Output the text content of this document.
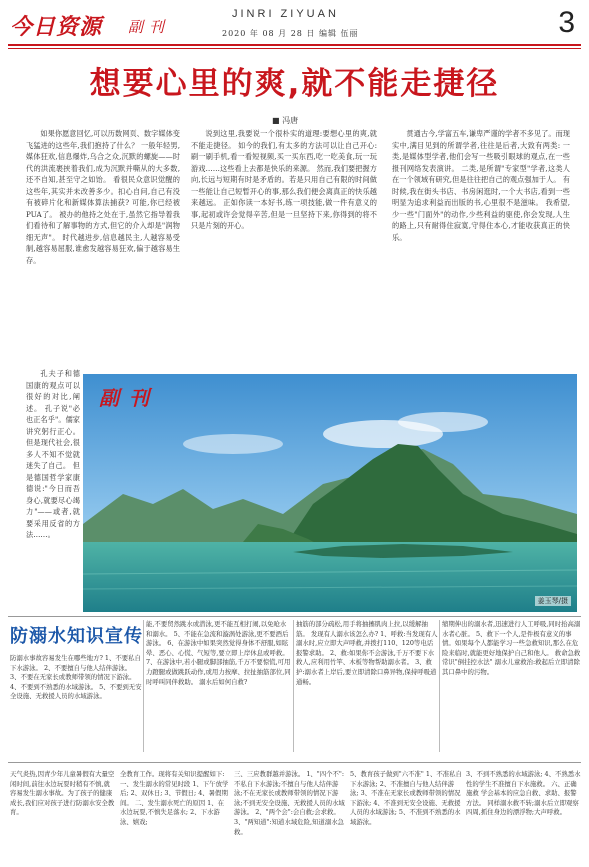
今日资源 副刊
JINRI ZIYUAN
2020 年 08 月 28 日 编辑 伍丽	3
想要心里的爽,就不能走捷径
■ 冯唐
如果你愿意回忆,可以历数网页、数字媒体变飞猛进的这些年,我们抱持了什么？ 一般年轻男,媒体狂欢,信息爆炸,乌合之众,沉默的螺旋——时代的洪流裹挟着我们,成为沉默并嘶从的大多数,还不自知,甚至守之如饴。 看很民众意识觉醒的这些年,其实并未改善多少。扣心自问,自己有没有被碎片化和新媒体算法捕获? 可能,你已经被PUA了。 被办的他持之处在于,虽然它指导着我们看待和了解事物的方式,但它的介入却是"润物细无声"。 时代越进步,信息越民主,人越容易受制,越容易屈服,谁愈发越容易狂欢,偏于越容易生存。
说到这里,我要说一个很朴实的道理:要想心里的爽,就不能走捷径。 如今的我们,有太多的方法可以让自己开心:刷一刷手机,看一看短视频,买一买东西,吃一吃美食,玩一玩游戏……这些看上去都是快乐的来源。 然而,我们要把握方向,长远与短期有时是矛盾的。若是只用自己有限的时间做一些能让自己短暂开心的事,那么我们便会离真正的快乐越来越远。 正如你读一本好书,练一项技能,做一件有意义的事,起初或许会觉得辛苦,但是一旦坚持下来,你得到的将不只是片刻的开心。
贯通古今,学富五车,谦卑严谨的学者不多见了。而现实中,满目见到的所谓学者,往往是后者,大致有两类: 一类,是媒体型学者,他们会写一些吸引眼球的观点,在一些报刊网络发表演讲。 二类,是所谓"专家型"学者,这类人在一个领域有研究,但是往往把自己的观点强加于人。 有时候,我在街头书店、书房闲逛时,一个大书店,看到一些明显为追求利益而出版的书,心里很不是滋味。 我希望,少一些"门面外"的动作,少些利益的驱使,你会发现,人生的路上,只有耐得住寂寞,守得住本心,才能收获真正的快乐。
孔夫子和德国康的观点可以很好的对比,阐述。 孔子说"必也正名乎"。儒家讲究躬行正心。但是现代社会,很多人不知不觉就迷失了自己。 但是德国哲学家康德说:"今日而吾身心,就要尽心竭力"——或者,就要采用反省的方法……。
副刊
姜玉琴/摄
防溺水知识宣传
防溺水事故容易发生在哪些地方? 1、不要私自下水游泳。 2、不要擅自与他人结伴游泳。 3、不要在无家长或教师带领的情况下游泳。 4、不要到不熟悉的水域游泳。 5、不要到无安全设施、无救援人员的水域游泳。
能,不要贸然跳水或潜泳,更不能互相打闹,以免呛水和溺水。 5、不能在急流和漩涡处游泳,更不要酒后游泳。 6、在游泳中如果突然觉得身体不舒服,如眩晕、恶心、心慌、气短等,要立即上岸休息或呼救。 7、在游泳中,若小腿或脚部抽筋,千万不要惊慌,可用力蹬腿或做跳跃动作,或用力按摩、拉扯抽筋部位,同时呼叫同伴救助。 溺水后如何自救?
抽筋的部分疏松,用手将抽搐肌肉上拉,以缓解抽筋。 发现有人溺水该怎么办? 1、呼救:当发现有人溺水时,应立即大声呼救,并拨打110、120等电话报警求助。 2、救:如果你不会游泳,千万不要下水救人,应利用竹竿、木板等物帮助溺水者。 3、救护:溺水者上岸后,要立即清除口鼻异物,保持呼吸道通畅。
缩期伸出的溺水者,迅速进行人工呼吸,同时抬高溺水者心脏。 5、救下一个人,是件极有意义的事情。如果每个人都能学习一些急救知识,那么在危险来临时,就能更好地保护自己和他人。 救命急救常识"倒挂控水法" 溺水儿童救治:救起后立即清除其口鼻中的污物。
天气炎热,因青少年儿童暑假有大量空闲时间,前往水边玩耍时稍有不慎,就容易发生溺水事故。为了孩子的健康成长,我们应对孩子进行防溺水安全教育。
全教育工作。现将有关知识提醒如下: 一、发生溺水的常见时段 1、下午放学后; 2、双休日; 3、节假日; 4、暑假期间。 二、发生溺水死亡的原因 1、在水边玩耍,不慎失足落水; 2、下水游泳、嬉戏;
三、三应教群越并游泳。 1、"四个不":不私自下水游泳;不擅自与他人结伴游泳;不在无家长或教师带领的情况下游泳;不到无安全设施、无救援人员的水域游泳。 2、"两个会":会自救;会求救。 3、"两知道":知道水域危险,知道溺水急救。
5、教育孩子做到"六不准" 1、不准私自下水游泳; 2、不准擅自与他人结伴游泳; 3、不准在无家长或教师带领的情况下游泳; 4、不准到无安全设施、无救援人员的水域游泳; 5、不准到不熟悉的水域游泳。
3、不到不熟悉的水域游泳; 4、不熟悉水性的学生不准擅自下水施救。 六、正确施救 学会基本的应急自救、求助、报警方法。 同样溺水救不转;溺水后立即观察四周,抓住身边的漂浮物;大声呼救。
